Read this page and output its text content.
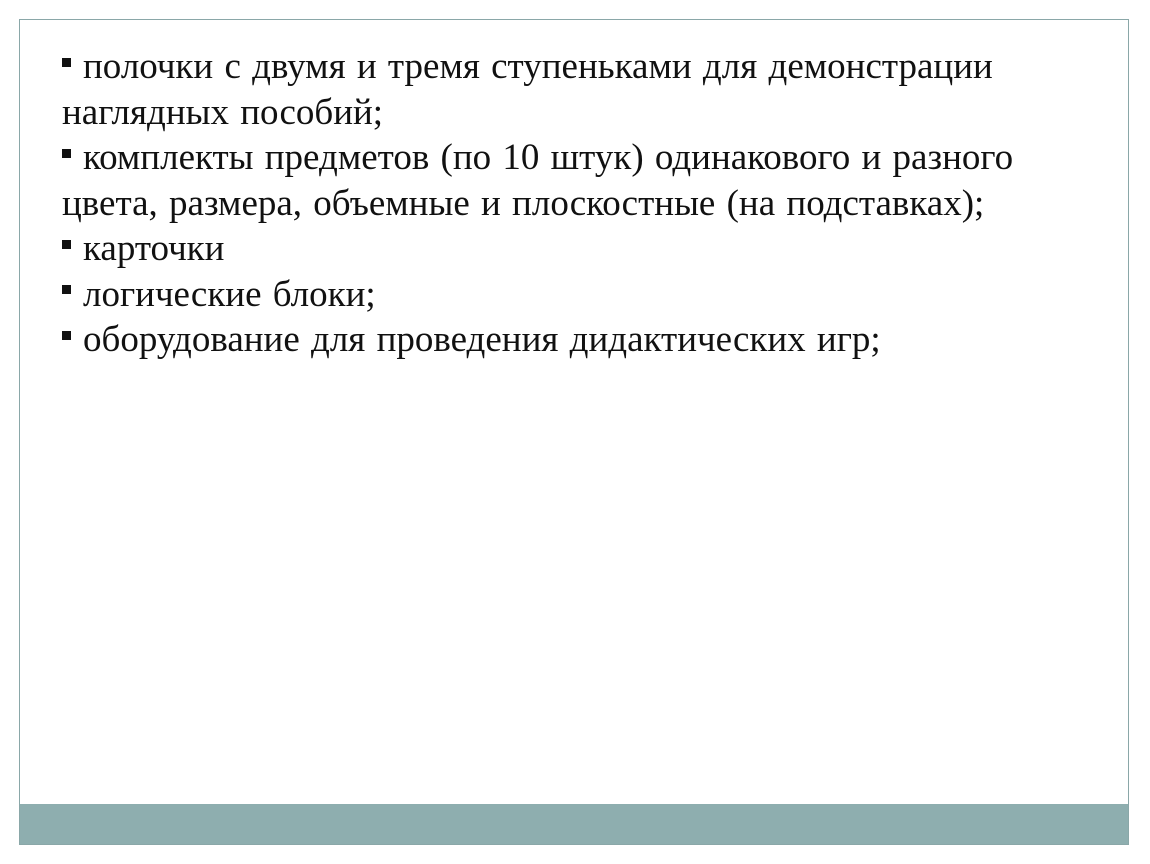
полочки с двумя и тремя ступеньками для демонстрации наглядных пособий;

комплекты предметов (по 10 штук) одинакового и разного цвета, размера, объемные и плоскостные (на подставках);

карточки

логические блоки;

оборудование для проведения дидактических игр;
